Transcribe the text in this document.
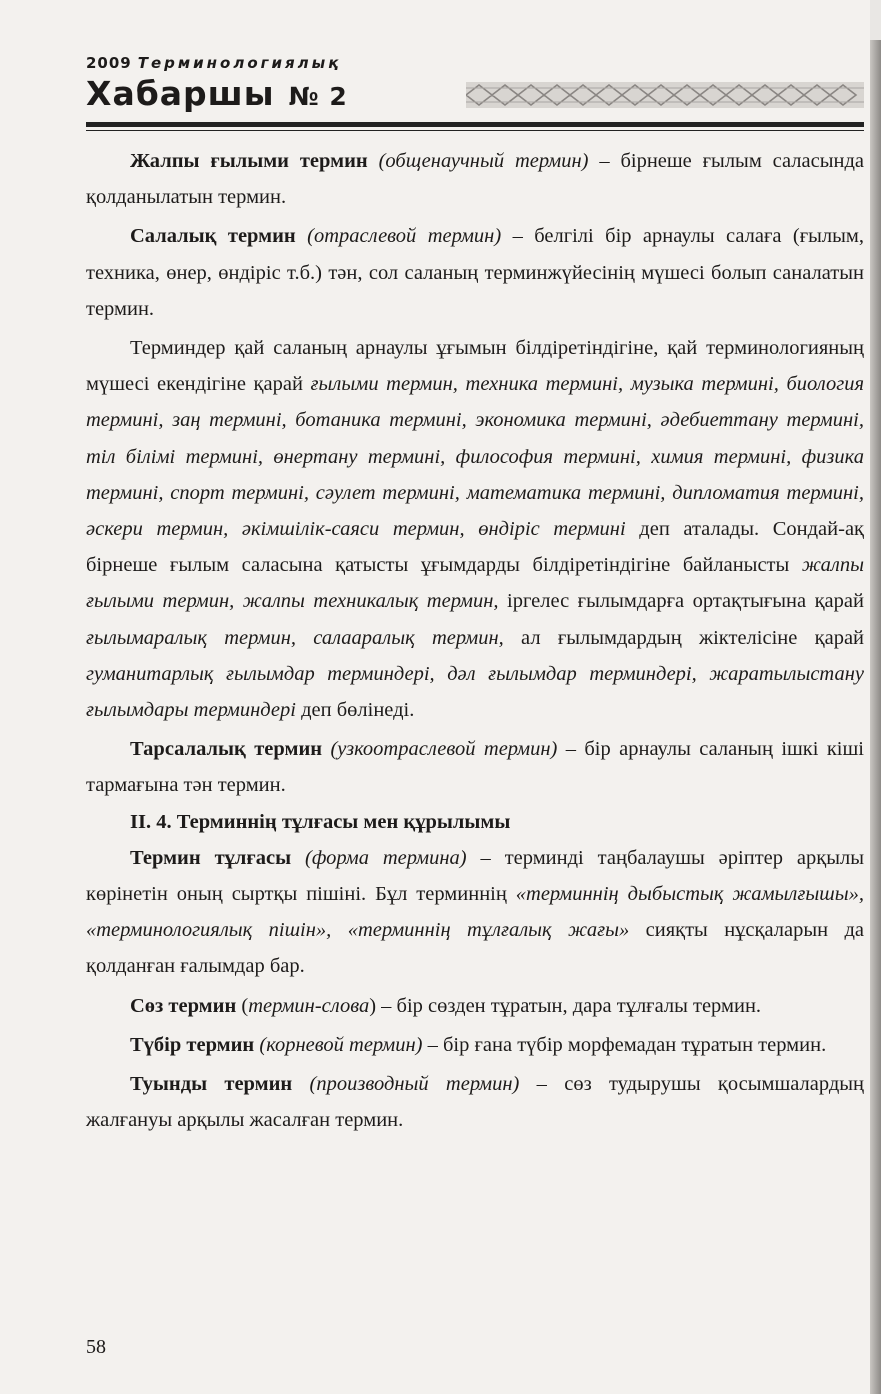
2009 Терминологиялық
Хабаршы № 2

Жалпы ғылыми термин (общенаучный термин) – бірнеше ғылым саласында қолданылатын термин.

Салалық термин (отраслевой термин) – белгілі бір арнаулы салаға (ғылым, техника, өнер, өндіріс т.б.) тән, сол саланың терминжүйесінің мүшесі болып саналатын термин.

Терминдер қай саланың арнаулы ұғымын білдіретіндігіне, қай терминологияның мүшесі екендігіне қарай ғылыми термин, техника термині, музыка термині, биология термині, заң термині, ботаника термині, экономика термині, әдебиеттану термині, тіл білімі термині, өнертану термині, философия термині, химия термині, физика термині, спорт термині, сәулет термині, математика термині, дипломатия термині, әскери термин, әкімшілік-саяси термин, өндіріс термині деп аталады. Сондай-ақ бірнеше ғылым саласына қатысты ұғымдарды білдіретіндігіне байланысты жалпы ғылыми термин, жалпы техникалық термин, іргелес ғылымдарға ортақтығына қарай ғылымаралық термин, салааралық термин, ал ғылымдардың жіктелісіне қарай гуманитарлық ғылымдар терминдері, дәл ғылымдар терминдері, жаратылыстану ғылымдары терминдері деп бөлінеді.

Тарсалалық термин (узкоотраслевой термин) – бір арнаулы саланың ішкі кіші тармағына тән термин.

II. 4. Терминнің тұлғасы мен құрылымы

Термин тұлғасы (форма термина) – терминді таңбалаушы әріптер арқылы көрінетін оның сыртқы пішіні. Бұл терминнің «терминнің дыбыстық жамылғышы», «терминологиялық пішін», «терминнің тұлғалық жағы» сияқты нұсқаларын да қолданған ғалымдар бар.

Сөз термин (термин-слова) – бір сөзден тұратын, дара тұлғалы термин.

Түбір термин (корневой термин) – бір ғана түбір морфемадан тұратын термин.

Туынды термин (производный термин) – сөз тудырушы қосымшалардың жалғануы арқылы жасалған термин.

58
